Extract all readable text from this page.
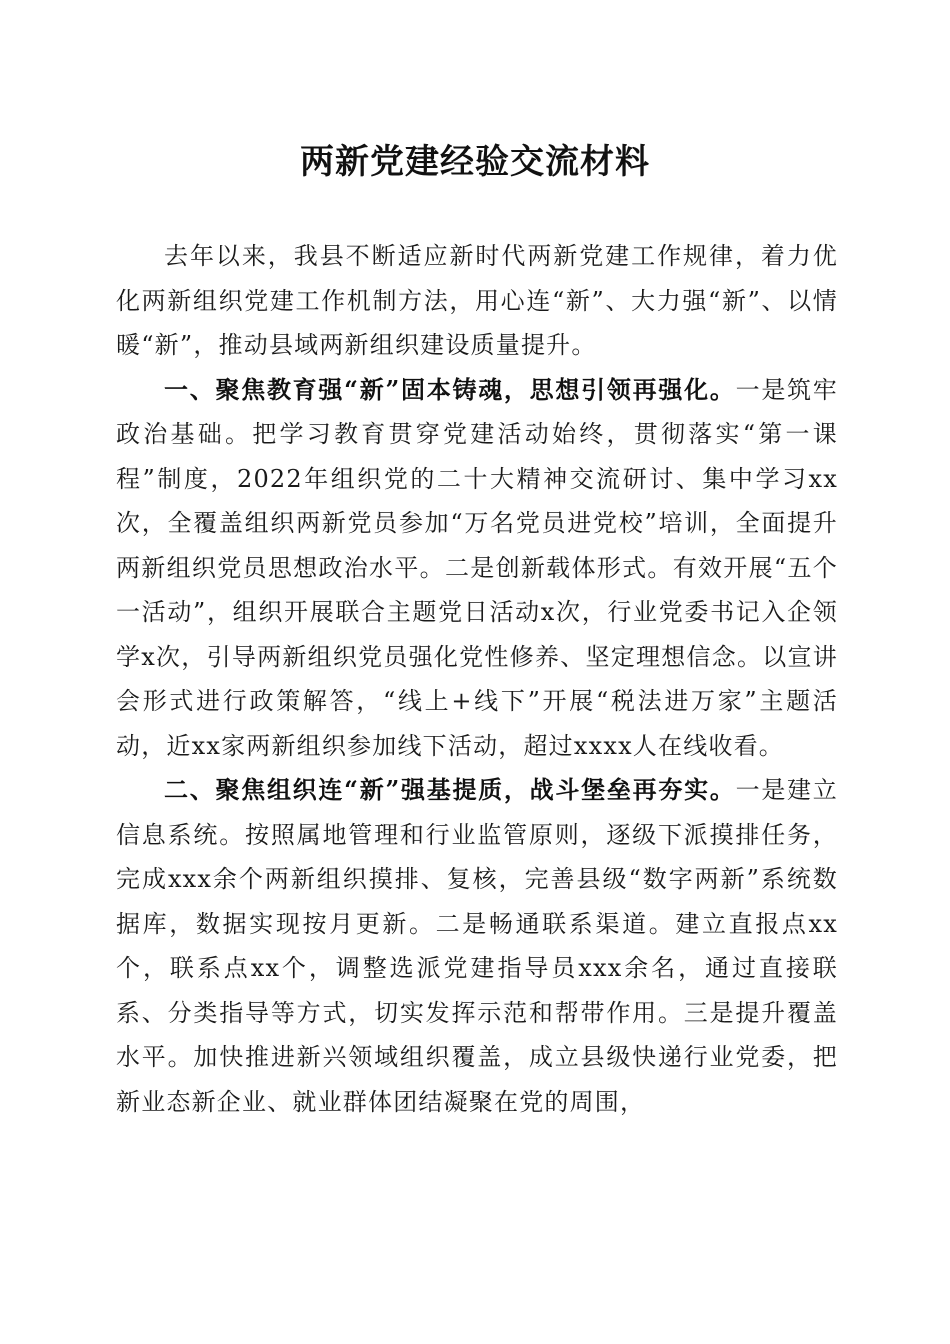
两新党建经验交流材料

去年以来，我县不断适应新时代两新党建工作规律，着力优化两新组织党建工作机制方法，用心连“新”、大力强“新”、以情暖“新”，推动县域两新组织建设质量提升。

一、聚焦教育强“新”固本铸魂，思想引领再强化。一是筑牢政治基础。把学习教育贯穿党建活动始终，贯彻落实“第一课程”制度，2022年组织党的二十大精神交流研讨、集中学习xx次，全覆盖组织两新党员参加“万名党员进党校”培训，全面提升两新组织党员思想政治水平。二是创新载体形式。有效开展“五个一活动”，组织开展联合主题党日活动x次，行业党委书记入企领学x次，引导两新组织党员强化党性修养、坚定理想信念。以宣讲会形式进行政策解答，“线上+线下”开展“税法进万家”主题活动，近xx家两新组织参加线下活动，超过xxxx人在线收看。

二、聚焦组织连“新”强基提质，战斗堡垒再夯实。一是建立信息系统。按照属地管理和行业监管原则，逐级下派摸排任务，完成xxx余个两新组织摸排、复核，完善县级“数字两新”系统数据库，数据实现按月更新。二是畅通联系渠道。建立直报点xx个，联系点xx个，调整选派党建指导员xxx余名，通过直接联系、分类指导等方式，切实发挥示范和帮带作用。三是提升覆盖水平。加快推进新兴领域组织覆盖，成立县级快递行业党委，把新业态新企业、就业群体团结凝聚在党的周围，
